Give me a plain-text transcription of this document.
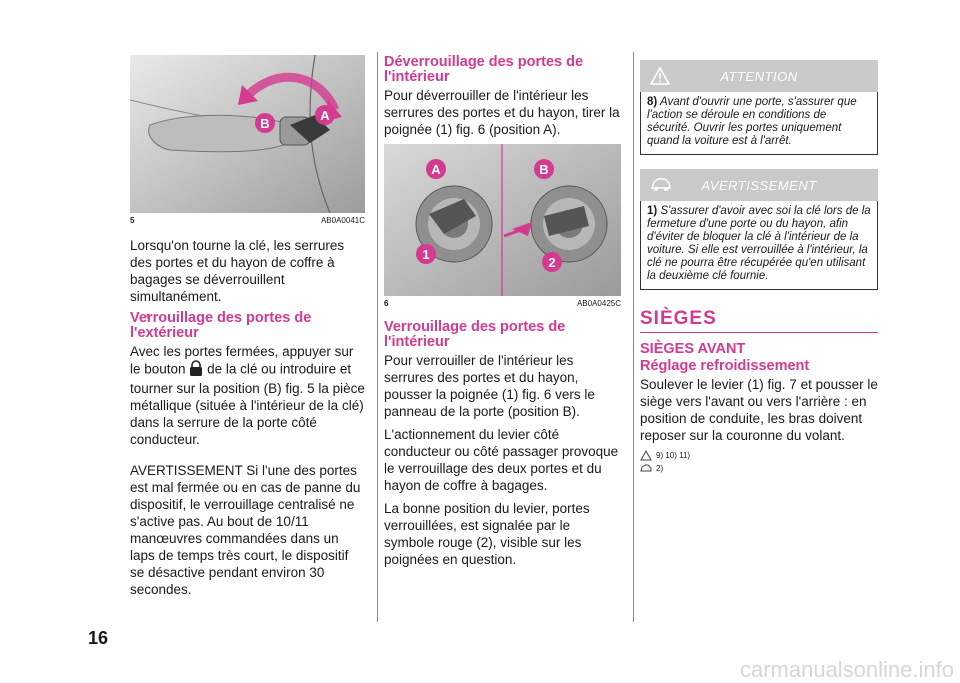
16
carmanualsonline.info
B
A
5	AB0A0041C

Lorsqu'on tourne la clé, les serrures des portes et du hayon de coffre à bagages se déverrouillent simultanément.

Verrouillage des portes de l'extérieur

Avec les portes fermées, appuyer sur le bouton de la clé ou introduire et tourner sur la position (B) fig. 5 la pièce métallique (située à l'intérieur de la clé) dans la serrure de la porte côté conducteur.

AVERTISSEMENT Si l'une des portes est mal fermée ou en cas de panne du dispositif, le verrouillage centralisé ne s'active pas. Au bout de 10/11 manœuvres commandées dans un laps de temps très court, le dispositif se désactive pendant environ 30 secondes.

Déverrouillage des portes de l'intérieur

Pour déverrouiller de l'intérieur les serrures des portes et du hayon, tirer la poignée (1) fig. 6 (position A).

A	B
1
2
6	AB0A0425C
Verrouillage des portes de l'intérieur

Pour verrouiller de l'intérieur les serrures des portes et du hayon, pousser la poignée (1) fig. 6 vers le panneau de la porte (position B).

L'actionnement du levier côté conducteur ou côté passager provoque le verrouillage des deux portes et du hayon de coffre à bagages.

La bonne position du levier, portes verrouillées, est signalée par le symbole rouge (2), visible sur les poignées en question.

ATTENTION
8) Avant d'ouvrir une porte, s'assurer que l'action se déroule en conditions de sécurité. Ouvrir les portes uniquement quand la voiture est à l'arrêt.
AVERTISSEMENT
1) S'assurer d'avoir avec soi la clé lors de la fermeture d'une porte ou du hayon, afin d'éviter de bloquer la clé à l'intérieur de la voiture. Si elle est verrouillée à l'intérieur, la clé ne pourra être récupérée qu'en utilisant la deuxième clé fournie.
SIÈGES
SIÈGES AVANT
Réglage refroidissement

Soulever le levier (1) fig. 7 et pousser le siège vers l'avant ou vers l'arrière : en position de conduite, les bras doivent reposer sur la couronne du volant.

9) 10) 11)
2)
